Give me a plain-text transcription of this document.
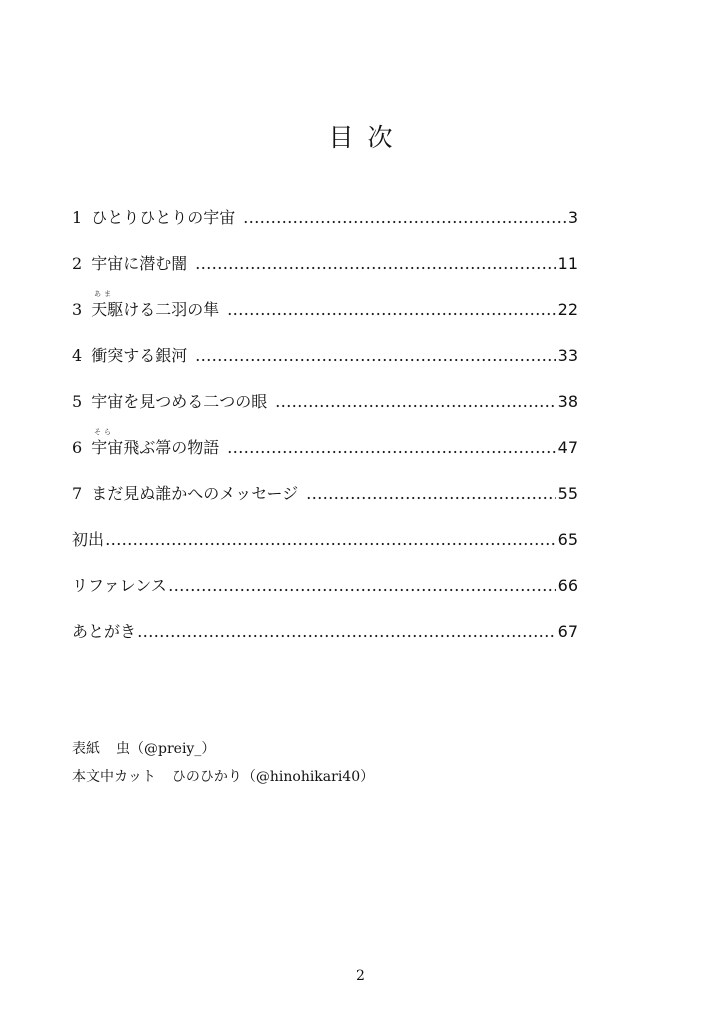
目次
1 ひとりひとりの宇宙	3
2 宇宙に潜む闇	11
あま
3 天駆ける二羽の隼	22
4 衝突する銀河	33
5 宇宙を見つめる二つの眼	38
そら
6 宇宙飛ぶ箒の物語	47
7 まだ見ぬ誰かへのメッセージ	55
初出	65
リファレンス	66
あとがき	67
表紙 虫（@preiy_）
本文中カット ひのひかり（@hinohikari40）
2
